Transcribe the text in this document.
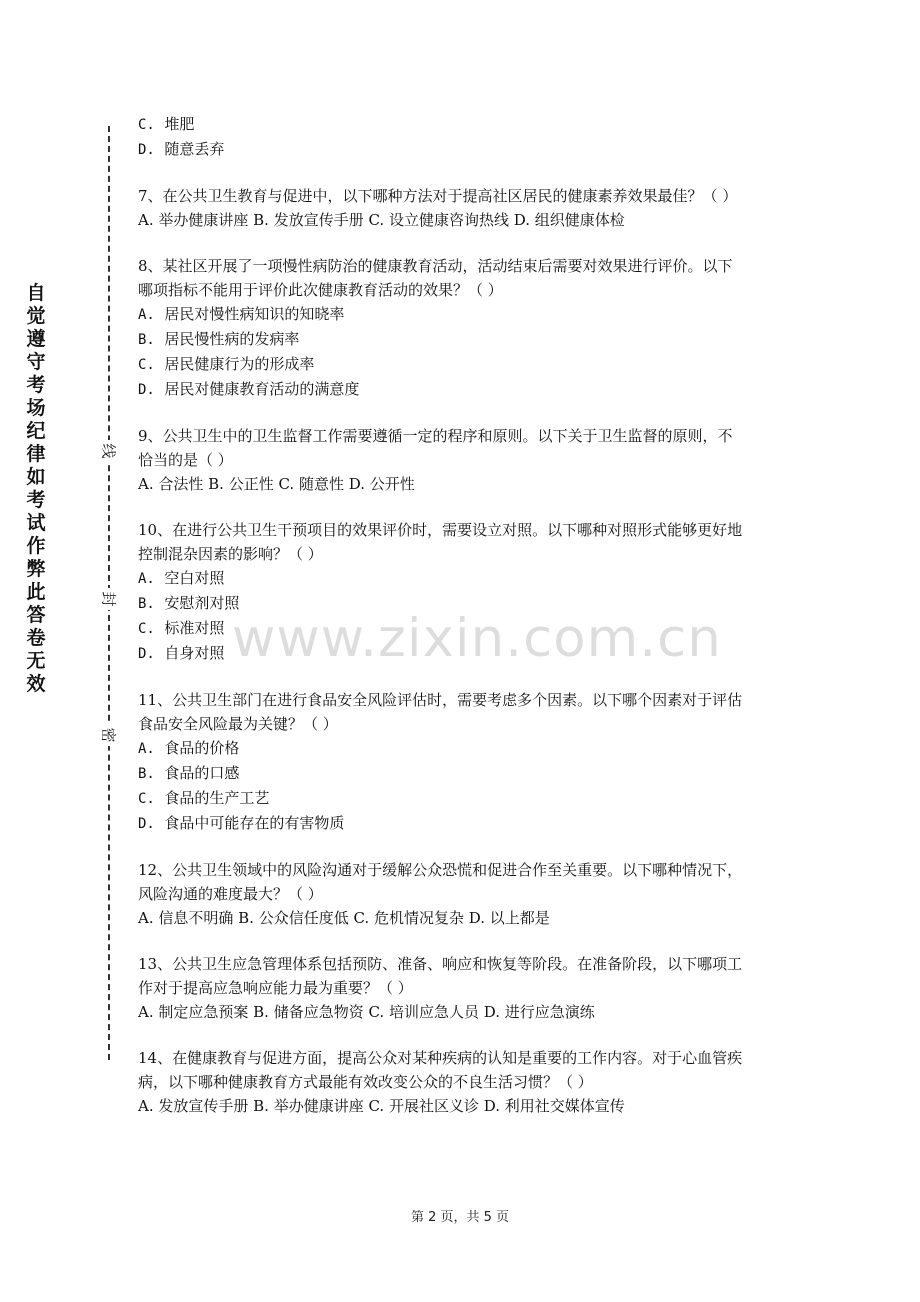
自觉遵守考场纪律如考试作弊此答卷无效
线
封
密

C. 堆肥

D. 随意丢弃

7、在公共卫生教育与促进中，以下哪种方法对于提高社区居民的健康素养效果最佳？（ ）

A. 举办健康讲座 B. 发放宣传手册 C. 设立健康咨询热线 D. 组织健康体检

8、某社区开展了一项慢性病防治的健康教育活动，活动结束后需要对效果进行评价。以下

哪项指标不能用于评价此次健康教育活动的效果？（ ）

A. 居民对慢性病知识的知晓率

B. 居民慢性病的发病率

C. 居民健康行为的形成率

D. 居民对健康教育活动的满意度

9、公共卫生中的卫生监督工作需要遵循一定的程序和原则。以下关于卫生监督的原则，不

恰当的是（ ）

A. 合法性 B. 公正性 C. 随意性 D. 公开性

10、在进行公共卫生干预项目的效果评价时，需要设立对照。以下哪种对照形式能够更好地

控制混杂因素的影响？（ ）

A. 空白对照

B. 安慰剂对照

C. 标准对照

D. 自身对照

11、公共卫生部门在进行食品安全风险评估时，需要考虑多个因素。以下哪个因素对于评估

食品安全风险最为关键？（ ）

A. 食品的价格

B. 食品的口感

C. 食品的生产工艺

D. 食品中可能存在的有害物质

12、公共卫生领域中的风险沟通对于缓解公众恐慌和促进合作至关重要。以下哪种情况下，

风险沟通的难度最大？（ ）

A. 信息不明确 B. 公众信任度低 C. 危机情况复杂 D. 以上都是

13、公共卫生应急管理体系包括预防、准备、响应和恢复等阶段。在准备阶段，以下哪项工

作对于提高应急响应能力最为重要？（ ）

A. 制定应急预案 B. 储备应急物资 C. 培训应急人员 D. 进行应急演练

14、在健康教育与促进方面，提高公众对某种疾病的认知是重要的工作内容。对于心血管疾

病，以下哪种健康教育方式最能有效改变公众的不良生活习惯？（ ）

A. 发放宣传手册 B. 举办健康讲座 C. 开展社区义诊 D. 利用社交媒体宣传

www.zixin.com.cn
第 2 页，共 5 页
